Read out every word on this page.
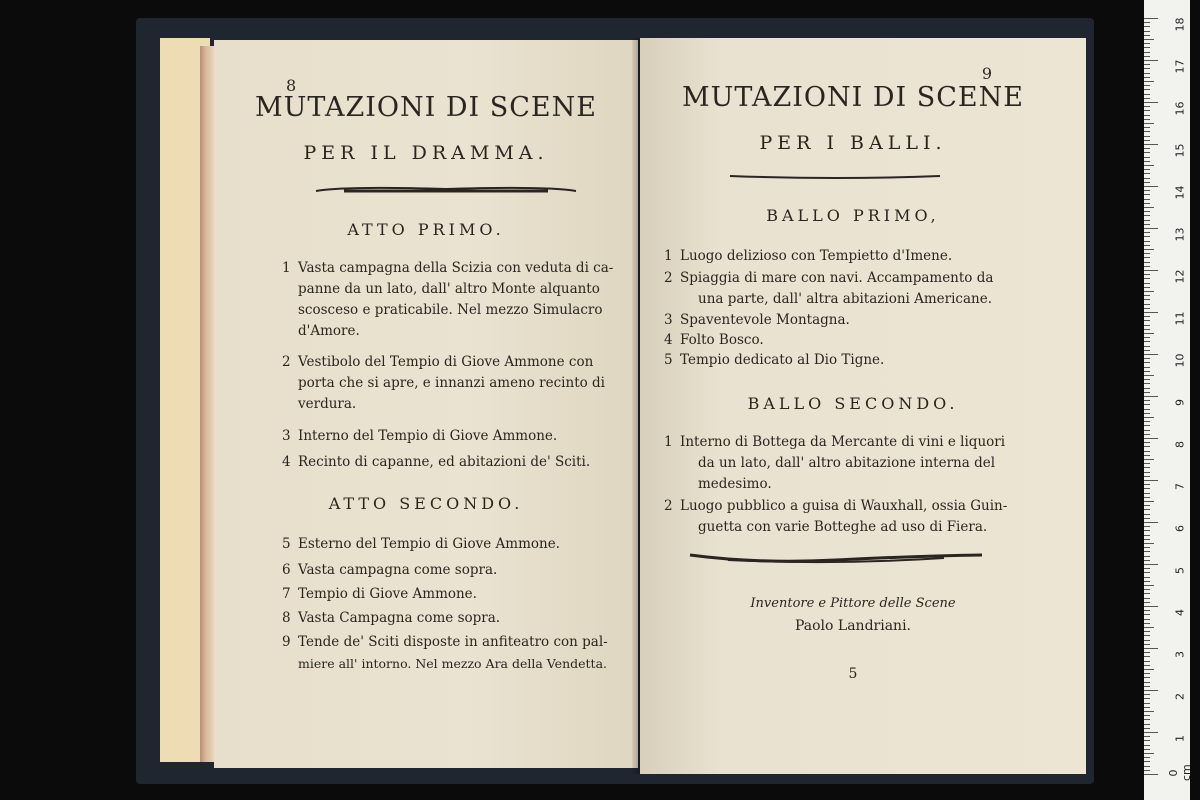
8
MUTAZIONI DI SCENE
PER IL DRAMMA.
ATTO PRIMO.
1 Vasta campagna della Scizia con veduta di ca-
panne da un lato, dall' altro Monte alquanto
scosceso e praticabile. Nel mezzo Simulacro
d'Amore.
2 Vestibolo del Tempio di Giove Ammone con
porta che si apre, e innanzi ameno recinto di
verdura.
3 Interno del Tempio di Giove Ammone.
4 Recinto di capanne, ed abitazioni de' Sciti.
ATTO SECONDO.
5 Esterno del Tempio di Giove Ammone.
6 Vasta campagna come sopra.
7 Tempio di Giove Ammone.
8 Vasta Campagna come sopra.
9 Tende de' Sciti disposte in anfiteatro con pal-
miere all' intorno. Nel mezzo Ara della Vendetta.
9
MUTAZIONI DI SCENE
PER I BALLI.
BALLO PRIMO,
1 Luogo delizioso con Tempietto d'Imene.
2 Spiaggia di mare con navi. Accampamento da
una parte, dall' altra abitazioni Americane.
3 Spaventevole Montagna.
4 Folto Bosco.
5 Tempio dedicato al Dio Tigne.
BALLO SECONDO.
1 Interno di Bottega da Mercante di vini e liquori
da un lato, dall' altro abitazione interna del
medesimo.
2 Luogo pubblico a guisa di Wauxhall, ossia Guin-
guetta con varie Botteghe ad uso di Fiera.
Inventore e Pittore delle Scene
Paolo Landriani.
5
0 cm
1
2
3
4
5
6
7
8
9
10
11
12
13
14
15
16
17
18
